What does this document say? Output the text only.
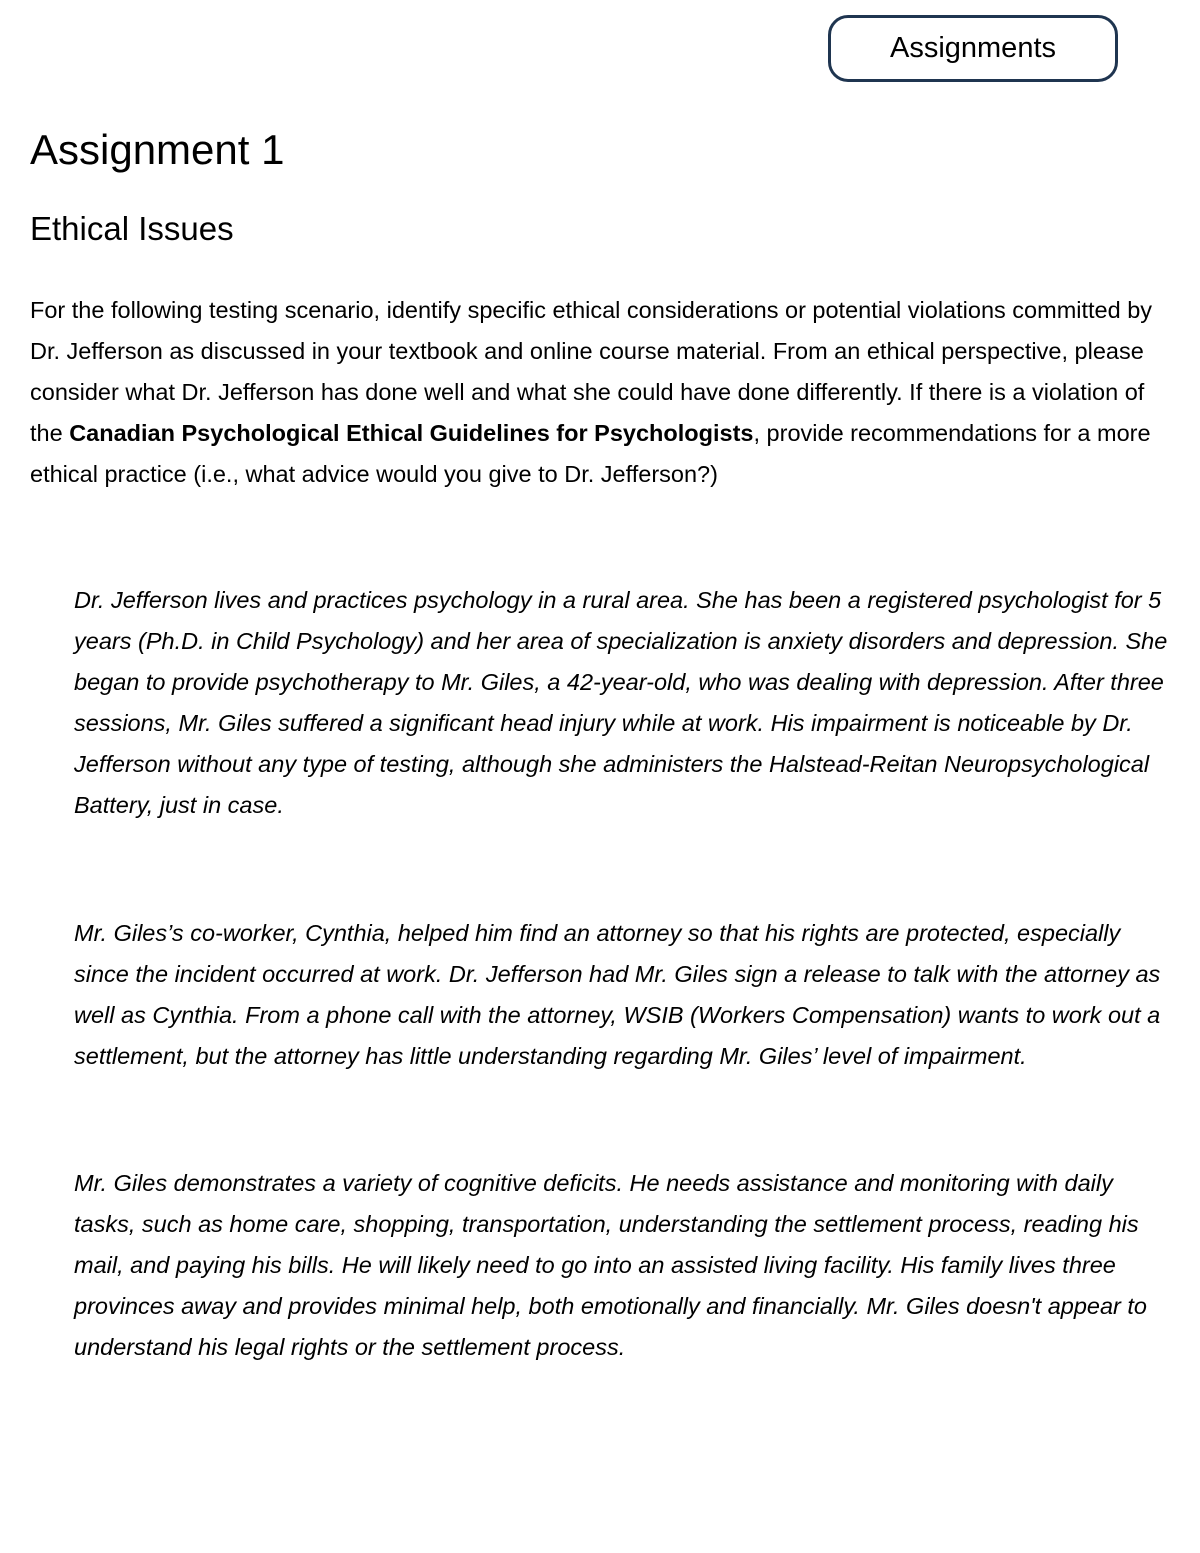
Assignments
Assignment 1
Ethical Issues

For the following testing scenario, identify specific ethical considerations or potential violations committed by Dr. Jefferson as discussed in your textbook and online course material. From an ethical perspective, please consider what Dr. Jefferson has done well and what she could have done differently. If there is a violation of the Canadian Psychological Ethical Guidelines for Psychologists, provide recommendations for a more ethical practice (i.e., what advice would you give to Dr. Jefferson?)

Dr. Jefferson lives and practices psychology in a rural area. She has been a registered psychologist for 5 years (Ph.D. in Child Psychology) and her area of specialization is anxiety disorders and depression. She began to provide psychotherapy to Mr. Giles, a 42-year-old, who was dealing with depression. After three sessions, Mr. Giles suffered a significant head injury while at work. His impairment is noticeable by Dr. Jefferson without any type of testing, although she administers the Halstead-Reitan Neuropsychological Battery, just in case.

Mr. Giles’s co-worker, Cynthia, helped him find an attorney so that his rights are protected, especially since the incident occurred at work. Dr. Jefferson had Mr. Giles sign a release to talk with the attorney as well as Cynthia. From a phone call with the attorney, WSIB (Workers Compensation) wants to work out a settlement, but the attorney has little understanding regarding Mr. Giles’ level of impairment.

Mr. Giles demonstrates a variety of cognitive deficits. He needs assistance and monitoring with daily tasks, such as home care, shopping, transportation, understanding the settlement process, reading his mail, and paying his bills. He will likely need to go into an assisted living facility. His family lives three provinces away and provides minimal help, both emotionally and financially. Mr. Giles doesn't appear to understand his legal rights or the settlement process.
